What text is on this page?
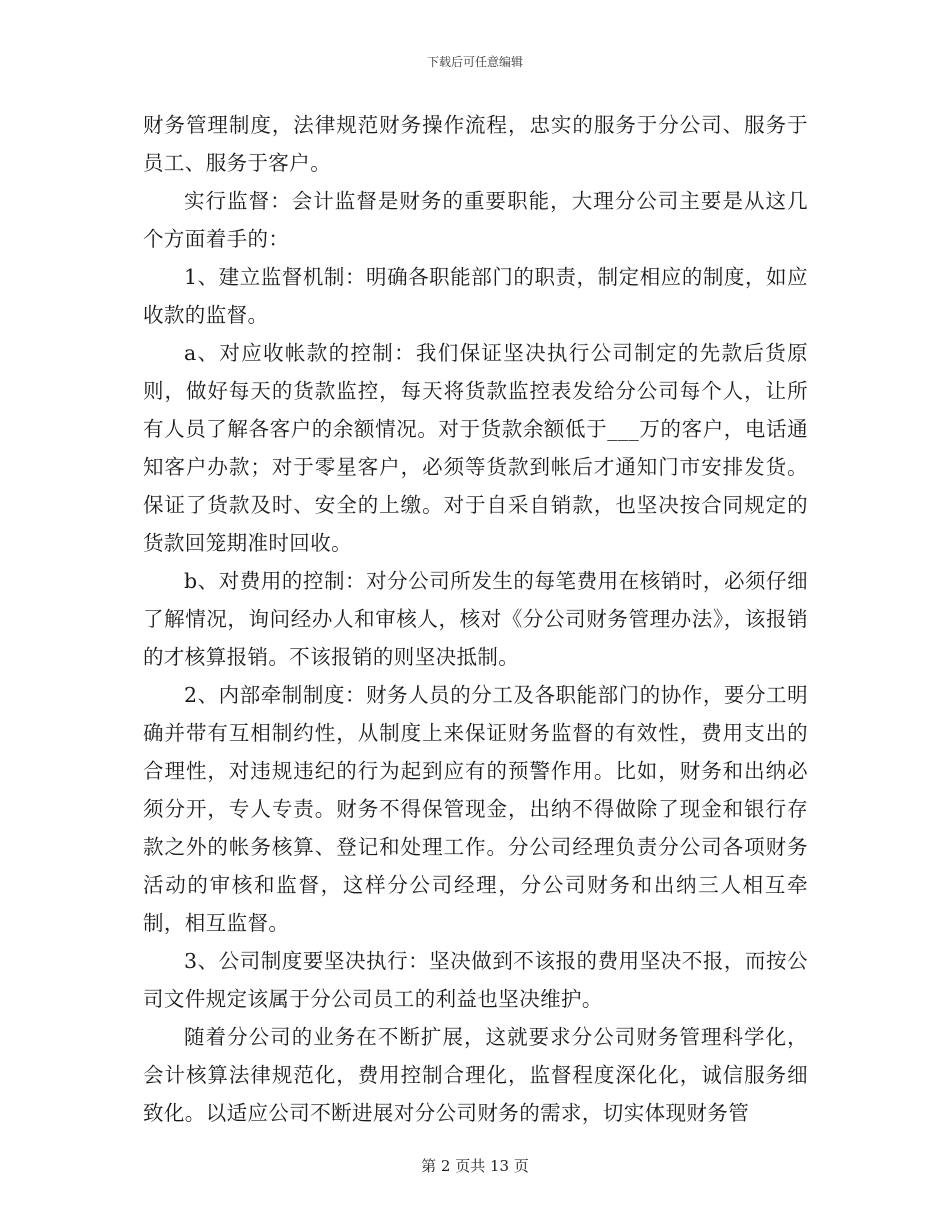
下载后可任意编辑

财务管理制度，法律规范财务操作流程，忠实的服务于分公司、服务于员工、服务于客户。

实行监督：会计监督是财务的重要职能，大理分公司主要是从这几个方面着手的：

1、建立监督机制：明确各职能部门的职责，制定相应的制度，如应收款的监督。

a、对应收帐款的控制：我们保证坚决执行公司制定的先款后货原则，做好每天的货款监控，每天将货款监控表发给分公司每个人，让所有人员了解各客户的余额情况。对于货款余额低于___万的客户，电话通知客户办款；对于零星客户，必须等货款到帐后才通知门市安排发货。保证了货款及时、安全的上缴。对于自采自销款，也坚决按合同规定的货款回笼期准时回收。

b、对费用的控制：对分公司所发生的每笔费用在核销时，必须仔细了解情况，询问经办人和审核人，核对《分公司财务管理办法》，该报销的才核算报销。不该报销的则坚决抵制。

2、内部牵制制度：财务人员的分工及各职能部门的协作，要分工明确并带有互相制约性，从制度上来保证财务监督的有效性，费用支出的合理性，对违规违纪的行为起到应有的预警作用。比如，财务和出纳必须分开，专人专责。财务不得保管现金，出纳不得做除了现金和银行存款之外的帐务核算、登记和处理工作。分公司经理负责分公司各项财务活动的审核和监督，这样分公司经理，分公司财务和出纳三人相互牵制，相互监督。

3、公司制度要坚决执行：坚决做到不该报的费用坚决不报，而按公司文件规定该属于分公司员工的利益也坚决维护。

随着分公司的业务在不断扩展，这就要求分公司财务管理科学化，会计核算法律规范化，费用控制合理化，监督程度深化化，诚信服务细致化。以适应公司不断进展对分公司财务的需求，切实体现财务管

第 2 页共 13 页
